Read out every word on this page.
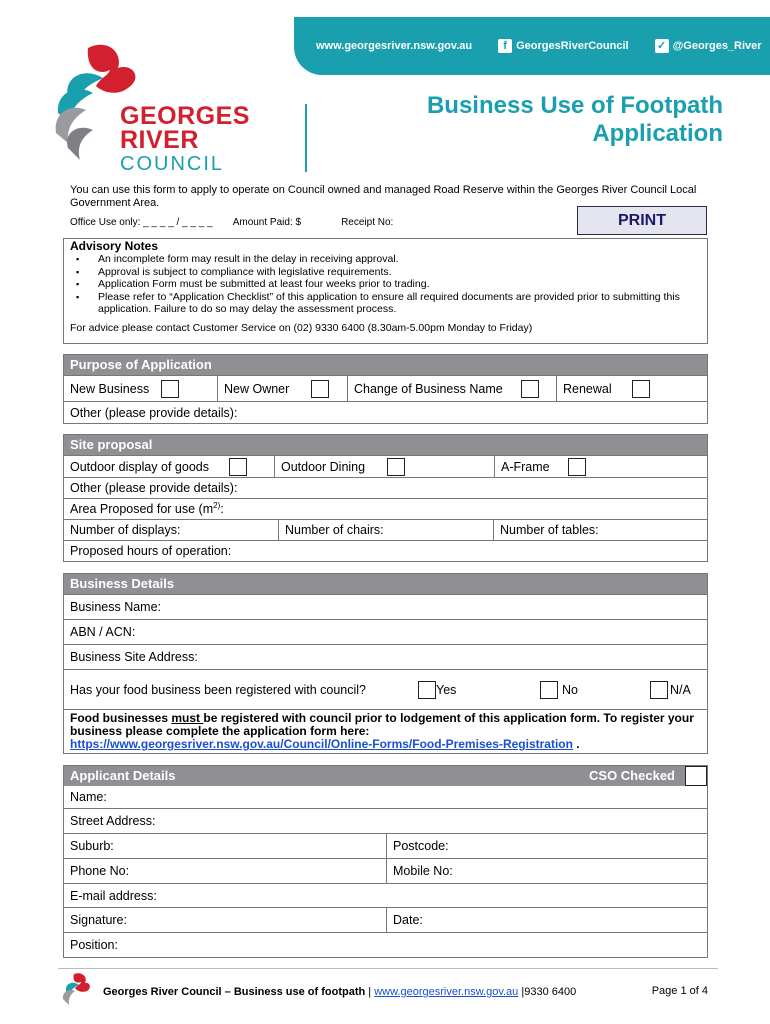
www.georgesriver.nsw.gov.au	f GeorgesRiverCouncil	✓ @Georges_River
GEORGES
RIVER
COUNCIL
Business Use of Footpath
Application
You can use this form to apply to operate on Council owned and managed Road Reserve within the Georges River Council Local Government Area.
Office Use only: _ _ _ _ / _ _ _ _ Amount Paid: $	Receipt No:	PRINT
Advisory Notes
▪ An incomplete form may result in the delay in receiving approval.
▪ Approval is subject to compliance with legislative requirements.
▪ Application Form must be submitted at least four weeks prior to trading.
▪ Please refer to “Application Checklist” of this application to ensure all required documents are provided prior to submitting this application. Failure to do so may delay the assessment process.
For advice please contact Customer Service on (02) 9330 6400 (8.30am-5.00pm Monday to Friday)
Purpose of Application
New Business	New Owner	Change of Business Name	Renewal
Other (please provide details):
Site proposal
Outdoor display of goods	Outdoor Dining	A-Frame
Other (please provide details):
Area Proposed for use ($m^{2)}$:
Number of displays:	Number of chairs:	Number of tables:
Proposed hours of operation:
Business Details
Business Name:
ABN / ACN:
Business Site Address:
Has your food business been registered with council?	Yes	No	N/A
Food businesses must be registered with council prior to lodgement of this application form. To register your business please complete the application form here:
https://www.georgesriver.nsw.gov.au/Council/Online-Forms/Food-Premises-Registration .
Applicant Details	CSO Checked
Name:
Street Address:
Suburb:	Postcode:
Phone No:	Mobile No:
E-mail address:
Signature:	Date:
Position:
Georges River Council – Business use of footpath | www.georgesriver.nsw.gov.au |9330 6400	Page 1 of 4
